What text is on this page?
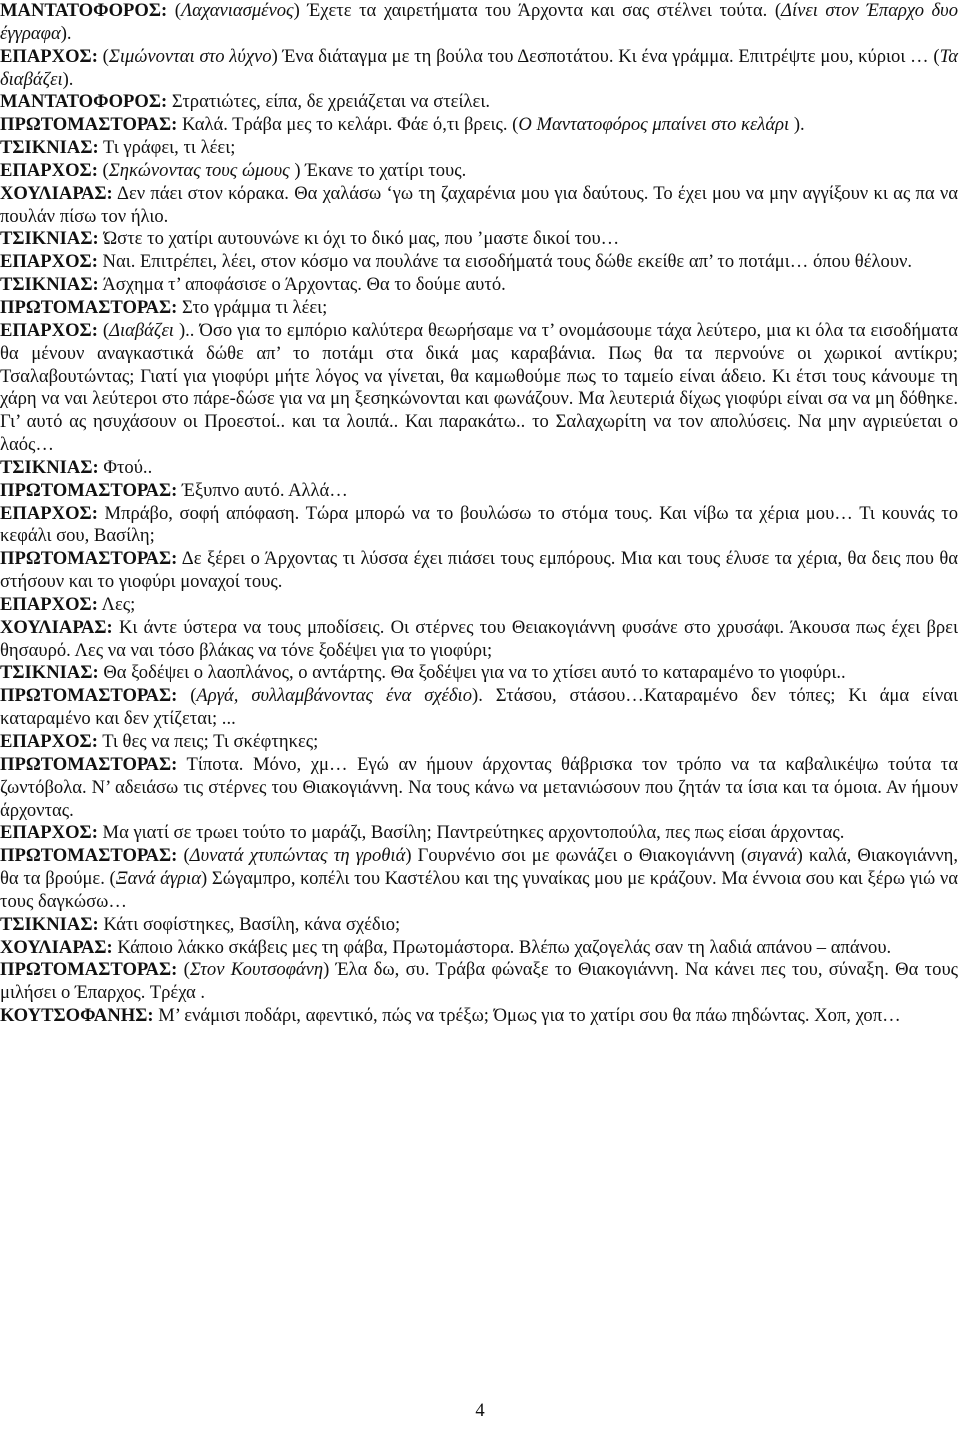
ΜΑΝΤΑΤΟΦΟΡΟΣ: (Λαχανιασμένος) Έχετε τα χαιρετήματα του Άρχοντα και σας στέλνει τούτα. (Δίνει στον Έπαρχο δυο έγγραφα).

ΕΠΑΡΧΟΣ: (Σιμώνονται στο λύχνο) Ένα διάταγμα με τη βούλα του Δεσποτάτου. Κι ένα γράμμα. Επιτρέψτε μου, κύριοι … (Τα διαβάζει).

ΜΑΝΤΑΤΟΦΟΡΟΣ: Στρατιώτες, είπα, δε χρειάζεται να στείλει.

ΠΡΩΤΟΜΑΣΤΟΡΑΣ: Καλά. Τράβα μες το κελάρι. Φάε ό,τι βρεις. (Ο Μαντατοφόρος μπαίνει στο κελάρι ).

ΤΣΙΚΝΙΑΣ: Τι γράφει, τι λέει;

ΕΠΑΡΧΟΣ: (Σηκώνοντας τους ώμους ) Έκανε το χατίρι τους.

ΧΟΥΛΙΑΡΑΣ: Δεν πάει στον κόρακα. Θα χαλάσω ‘γω τη ζαχαρένια μου για δαύτους. Το έχει μου να μην αγγίξουν κι ας πα να πουλάν πίσω τον ήλιο.

ΤΣΙΚΝΙΑΣ: Ώστε το χατίρι αυτουνώνε κι όχι το δικό μας, που ’μαστε δικοί του…

ΕΠΑΡΧΟΣ: Ναι. Επιτρέπει, λέει, στον κόσμο να πουλάνε τα εισοδήματά τους δώθε εκείθε απ’ το ποτάμι… όπου θέλουν.

ΤΣΙΚΝΙΑΣ: Άσχημα τ’ αποφάσισε ο Άρχοντας. Θα το δούμε αυτό.

ΠΡΩΤΟΜΑΣΤΟΡΑΣ: Στο γράμμα τι λέει;

ΕΠΑΡΧΟΣ: (Διαβάζει ).. Όσο για το εμπόριο καλύτερα θεωρήσαμε να τ’ ονομάσουμε τάχα λεύτερο, μια κι όλα τα εισοδήματα θα μένουν αναγκαστικά δώθε απ’ το ποτάμι στα δικά μας καραβάνια. Πως θα τα περνούνε οι χωρικοί αντίκρυ; Τσαλαβουτώντας; Γιατί για γιοφύρι μήτε λόγος να γίνεται, θα καμωθούμε πως το ταμείο είναι άδειο. Κι έτσι τους κάνουμε τη χάρη να ναι λεύτεροι στο πάρε-δώσε για να μη ξεσηκώνονται και φωνάζουν. Μα λευτεριά δίχως γιοφύρι είναι σα να μη δόθηκε. Γι’ αυτό ας ησυχάσουν οι Προεστοί.. και τα λοιπά.. Και παρακάτω.. το Σαλαχωρίτη να τον απολύσεις. Να μην αγριεύεται ο λαός…

ΤΣΙΚΝΙΑΣ: Φτού..

ΠΡΩΤΟΜΑΣΤΟΡΑΣ: Έξυπνο αυτό. Αλλά…

ΕΠΑΡΧΟΣ: Μπράβο, σοφή απόφαση. Τώρα μπορώ να το βουλώσω το στόμα τους. Και νίβω τα χέρια μου… Τι κουνάς το κεφάλι σου, Βασίλη;

ΠΡΩΤΟΜΑΣΤΟΡΑΣ: Δε ξέρει ο Άρχοντας τι λύσσα έχει πιάσει τους εμπόρους. Μια και τους έλυσε τα χέρια, θα δεις που θα στήσουν και το γιοφύρι μοναχοί τους.

ΕΠΑΡΧΟΣ: Λες;

ΧΟΥΛΙΑΡΑΣ: Κι άντε ύστερα να τους μποδίσεις. Οι στέρνες του Θειακογιάννη φυσάνε στο χρυσάφι. Άκουσα πως έχει βρει θησαυρό. Λες να ναι τόσο βλάκας να τόνε ξοδέψει για το γιοφύρι;

ΤΣΙΚΝΙΑΣ: Θα ξοδέψει ο λαοπλάνος, ο αντάρτης. Θα ξοδέψει για να το χτίσει αυτό το καταραμένο το γιοφύρι..

ΠΡΩΤΟΜΑΣΤΟΡΑΣ: (Αργά, συλλαμβάνοντας ένα σχέδιο). Στάσου, στάσου…Καταραμένο δεν τόπες; Κι άμα είναι καταραμένο και δεν χτίζεται; ...

ΕΠΑΡΧΟΣ: Τι θες να πεις; Τι σκέφτηκες;

ΠΡΩΤΟΜΑΣΤΟΡΑΣ: Τίποτα. Μόνο, χμ… Εγώ αν ήμουν άρχοντας θάβρισκα τον τρόπο να τα καβαλικέψω τούτα τα ζωντόβολα. Ν’ αδειάσω τις στέρνες του Θιακογιάννη. Να τους κάνω να μετανιώσουν που ζητάν τα ίσια και τα όμοια. Αν ήμουν άρχοντας.

ΕΠΑΡΧΟΣ: Μα γιατί σε τρωει τούτο το μαράζι, Βασίλη; Παντρεύτηκες αρχοντοπούλα, πες πως είσαι άρχοντας.

ΠΡΩΤΟΜΑΣΤΟΡΑΣ: (Δυνατά χτυπώντας τη γροθιά) Γουρνένιο σοι με φωνάζει ο Θιακογιάννη (σιγανά) καλά, Θιακογιάννη, θα τα βρούμε. (Ξανά άγρια) Σώγαμπρο, κοπέλι του Καστέλου και της γυναίκας μου με κράζουν. Μα έννοια σου και ξέρω γιώ να τους δαγκώσω…

ΤΣΙΚΝΙΑΣ: Κάτι σοφίστηκες, Βασίλη, κάνα σχέδιο;

ΧΟΥΛΙΑΡΑΣ: Κάποιο λάκκο σκάβεις μες τη φάβα, Πρωτομάστορα. Βλέπω χαζογελάς σαν τη λαδιά απάνου – απάνου.

ΠΡΩΤΟΜΑΣΤΟΡΑΣ: (Στον Κουτσοφάνη) Έλα δω, συ. Τράβα φώναξε το Θιακογιάννη. Να κάνει πες του, σύναξη. Θα τους μιλήσει ο Έπαρχος. Τρέχα .

ΚΟΥΤΣΟΦΑΝΗΣ: Μ’ ενάμισι ποδάρι, αφεντικό, πώς να τρέξω; Όμως για το χατίρι σου θα πάω πηδώντας. Χοπ, χοπ…

4
